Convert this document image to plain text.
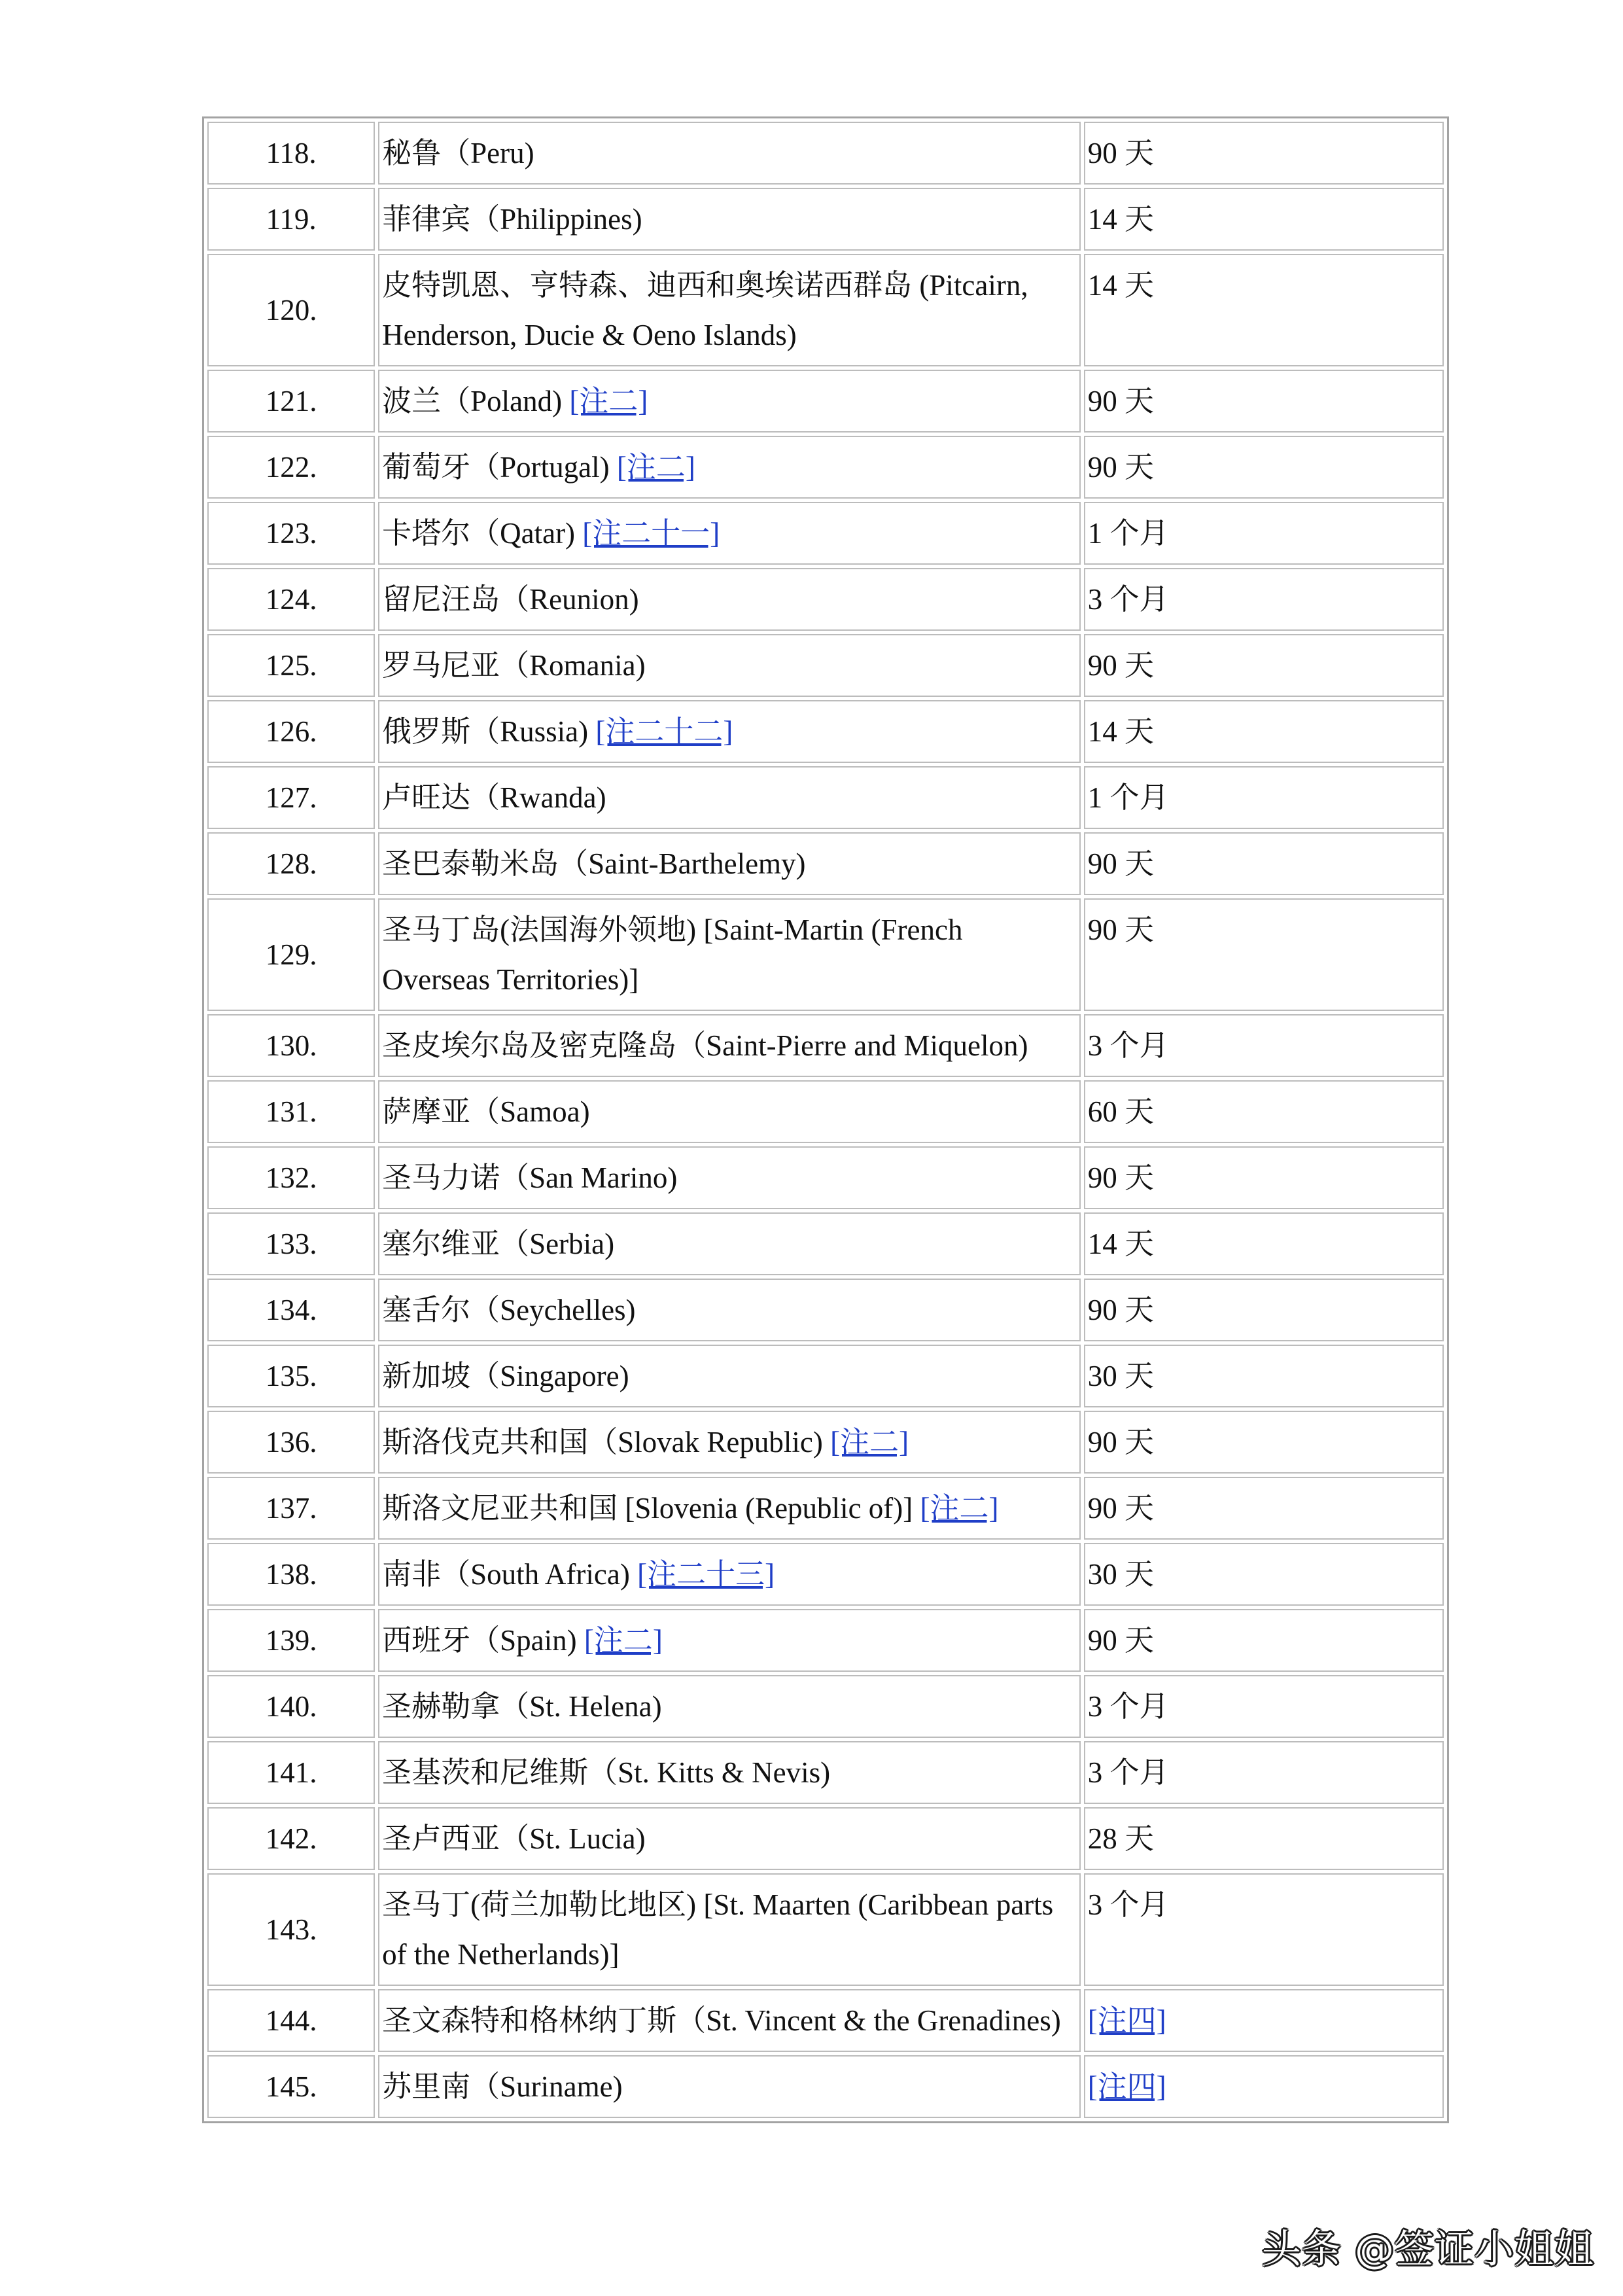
118.	秘鲁（Peru)	90 天
119.	菲律宾（Philippines)	14 天
120.	皮特凯恩、亨特森、迪西和奥埃诺西群岛 (Pitcairn, Henderson, Ducie & Oeno Islands)	14 天
121.	波兰（Poland) [注二]	90 天
122.	葡萄牙（Portugal) [注二]	90 天
123.	卡塔尔（Qatar) [注二十一]	1 个月
124.	留尼汪岛（Reunion)	3 个月
125.	罗马尼亚（Romania)	90 天
126.	俄罗斯（Russia) [注二十二]	14 天
127.	卢旺达（Rwanda)	1 个月
128.	圣巴泰勒米岛（Saint-Barthelemy)	90 天
129.	圣马丁岛(法国海外领地) [Saint-Martin (French Overseas Territories)]	90 天
130.	圣皮埃尔岛及密克隆岛（Saint-Pierre and Miquelon)	3 个月
131.	萨摩亚（Samoa)	60 天
132.	圣马力诺（San Marino)	90 天
133.	塞尔维亚（Serbia)	14 天
134.	塞舌尔（Seychelles)	90 天
135.	新加坡（Singapore)	30 天
136.	斯洛伐克共和国（Slovak Republic) [注二]	90 天
137.	斯洛文尼亚共和国 [Slovenia (Republic of)] [注二]	90 天
138.	南非（South Africa) [注二十三]	30 天
139.	西班牙（Spain) [注二]	90 天
140.	圣赫勒拿（St. Helena)	3 个月
141.	圣基茨和尼维斯（St. Kitts & Nevis)	3 个月
142.	圣卢西亚（St. Lucia)	28 天
143.	圣马丁(荷兰加勒比地区) [St. Maarten (Caribbean parts of the Netherlands)]	3 个月
144.	圣文森特和格林纳丁斯（St. Vincent & the Grenadines)	[注四]
145.	苏里南（Suriname)	[注四]
头条 @签证小姐姐
